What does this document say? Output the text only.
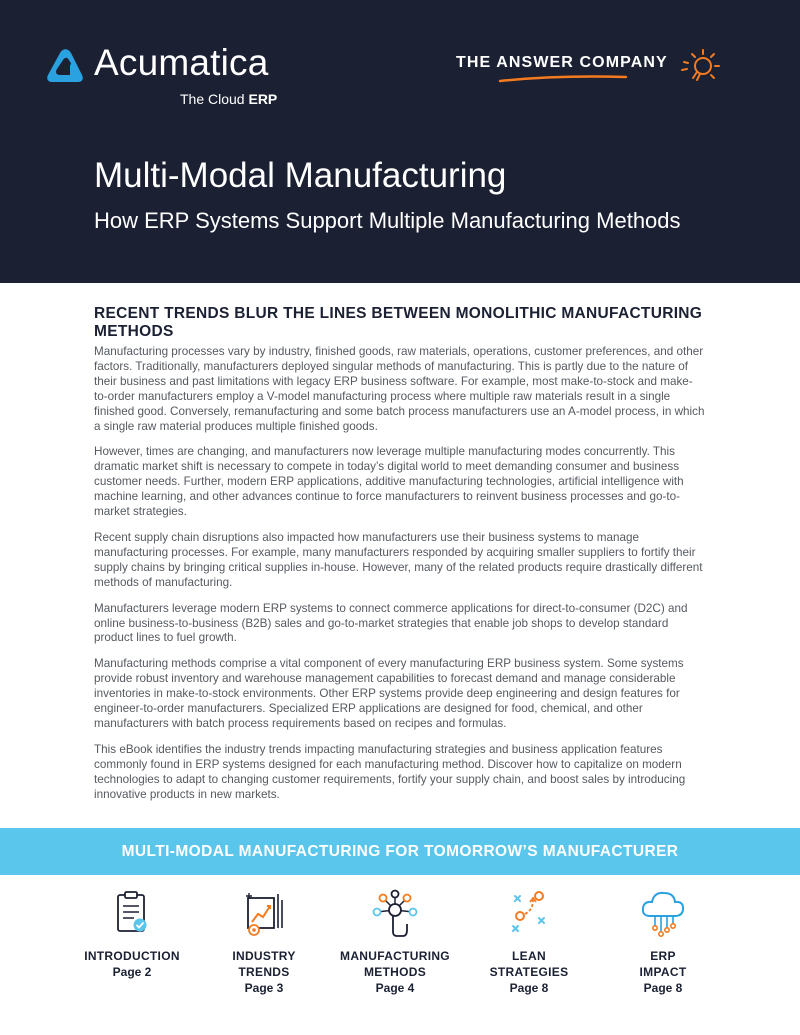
Acumatica
The Cloud ERP
THE ANSWER COMPANY
Multi-Modal Manufacturing
How ERP Systems Support Multiple Manufacturing Methods
RECENT TRENDS BLUR THE LINES BETWEEN MONOLITHIC MANUFACTURING METHODS

Manufacturing processes vary by industry, finished goods, raw materials, operations, customer preferences, and other factors. Traditionally, manufacturers deployed singular methods of manufacturing. This is partly due to the nature of their business and past limitations with legacy ERP business software. For example, most make-to-stock and make-to-order manufacturers employ a V-model manufacturing process where multiple raw materials result in a single finished good. Conversely, remanufacturing and some batch process manufacturers use an A-model process, in which a single raw material produces multiple finished goods.

However, times are changing, and manufacturers now leverage multiple manufacturing modes concurrently. This dramatic market shift is necessary to compete in today’s digital world to meet demanding consumer and business customer needs. Further, modern ERP applications, additive manufacturing technologies, artificial intelligence with machine learning, and other advances continue to force manufacturers to reinvent business processes and go-to-market strategies.

Recent supply chain disruptions also impacted how manufacturers use their business systems to manage manufacturing processes. For example, many manufacturers responded by acquiring smaller suppliers to fortify their supply chains by bringing critical supplies in-house. However, many of the related products require drastically different methods of manufacturing.

Manufacturers leverage modern ERP systems to connect commerce applications for direct-to-consumer (D2C) and online business-to-business (B2B) sales and go-to-market strategies that enable job shops to develop standard product lines to fuel growth.

Manufacturing methods comprise a vital component of every manufacturing ERP business system. Some systems provide robust inventory and warehouse management capabilities to forecast demand and manage considerable inventories in make-to-stock environments. Other ERP systems provide deep engineering and design features for engineer-to-order manufacturers. Specialized ERP applications are designed for food, chemical, and other manufacturers with batch process requirements based on recipes and formulas.

This eBook identifies the industry trends impacting manufacturing strategies and business application features commonly found in ERP systems designed for each manufacturing method. Discover how to capitalize on modern technologies to adapt to changing customer requirements, fortify your supply chain, and boost sales by introducing innovative products in new markets.

MULTI-MODAL MANUFACTURING FOR TOMORROW’S MANUFACTURER
INTRODUCTION
Page 2
INDUSTRY
TRENDS
Page 3
MANUFACTURING
METHODS
Page 4
LEAN
STRATEGIES
Page 8
ERP
IMPACT
Page 8
